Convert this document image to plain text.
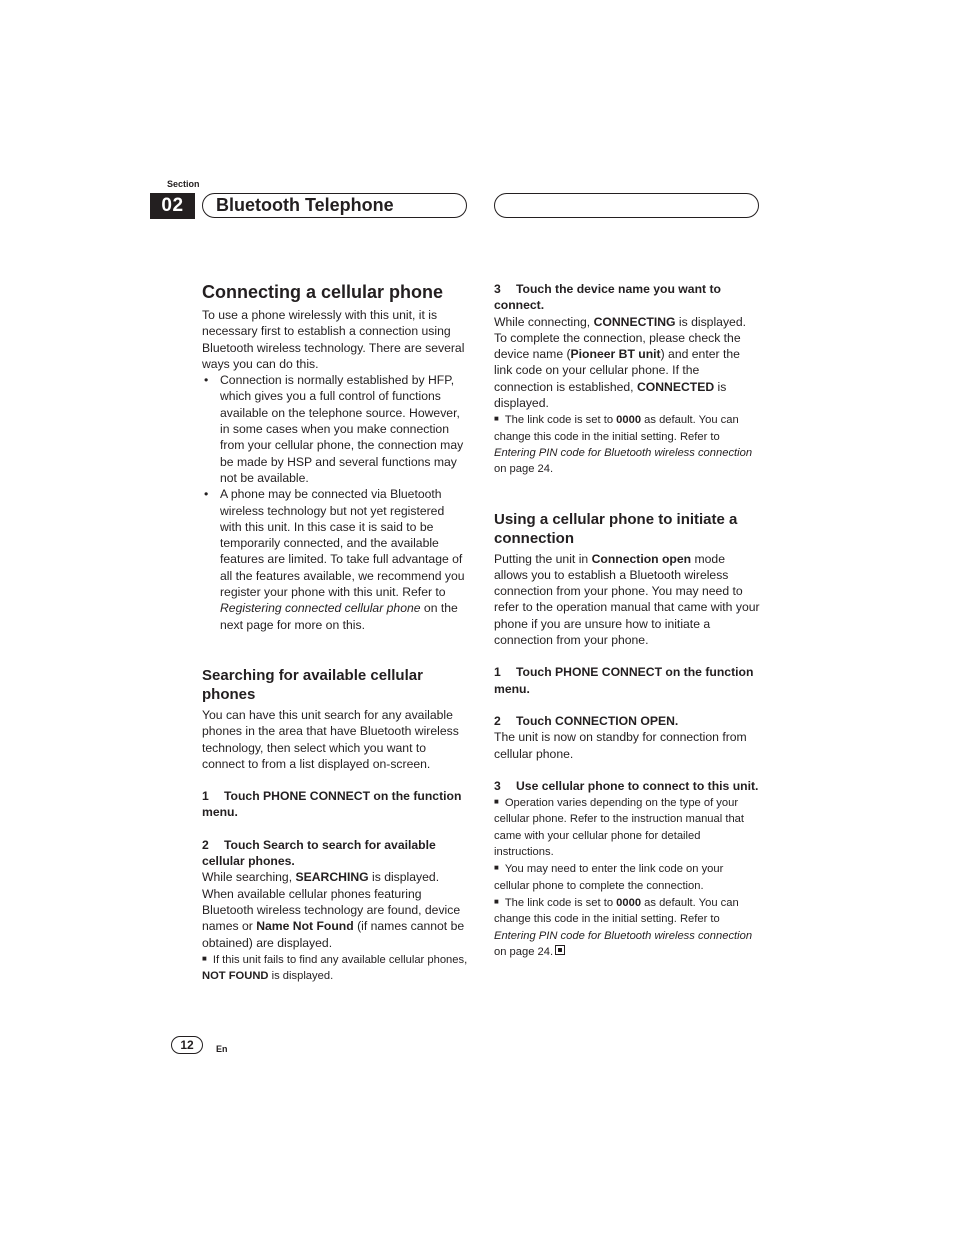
Section
02	Bluetooth Telephone
Connecting a cellular phone

To use a phone wirelessly with this unit, it is necessary first to establish a connection using Bluetooth wireless technology. There are several ways you can do this.

• Connection is normally established by HFP, which gives you a full control of functions available on the telephone source. However, in some cases when you make connection from your cellular phone, the connection may be made by HSP and several functions may not be available.
• A phone may be connected via Bluetooth wireless technology but not yet registered with this unit. In this case it is said to be temporarily connected, and the available features are limited. To take full advantage of all the features available, we recommend you register your phone with this unit. Refer to Registering connected cellular phone on the next page for more on this.
Searching for available cellular phones

You can have this unit search for any available phones in the area that have Bluetooth wireless technology, then select which you want to connect to from a list displayed on-screen.

1 Touch PHONE CONNECT on the function menu.

2 Touch Search to search for available cellular phones.

While searching, SEARCHING is displayed. When available cellular phones featuring Bluetooth wireless technology are found, device names or Name Not Found (if names cannot be obtained) are displayed.

■ If this unit fails to find any available cellular phones, NOT FOUND is displayed.

3 Touch the device name you want to connect.

While connecting, CONNECTING is displayed. To complete the connection, please check the device name (Pioneer BT unit) and enter the link code on your cellular phone. If the connection is established, CONNECTED is displayed.

■ The link code is set to 0000 as default. You can change this code in the initial setting. Refer to Entering PIN code for Bluetooth wireless connection on page 24.

Using a cellular phone to initiate a connection

Putting the unit in Connection open mode allows you to establish a Bluetooth wireless connection from your phone. You may need to refer to the operation manual that came with your phone if you are unsure how to initiate a connection from your phone.

1 Touch PHONE CONNECT on the function menu.

2 Touch CONNECTION OPEN.

The unit is now on standby for connection from cellular phone.

3 Use cellular phone to connect to this unit.

■ Operation varies depending on the type of your cellular phone. Refer to the instruction manual that came with your cellular phone for detailed instructions.

■ You may need to enter the link code on your cellular phone to complete the connection.

■ The link code is set to 0000 as default. You can change this code in the initial setting. Refer to Entering PIN code for Bluetooth wireless connection on page 24.

12	En
